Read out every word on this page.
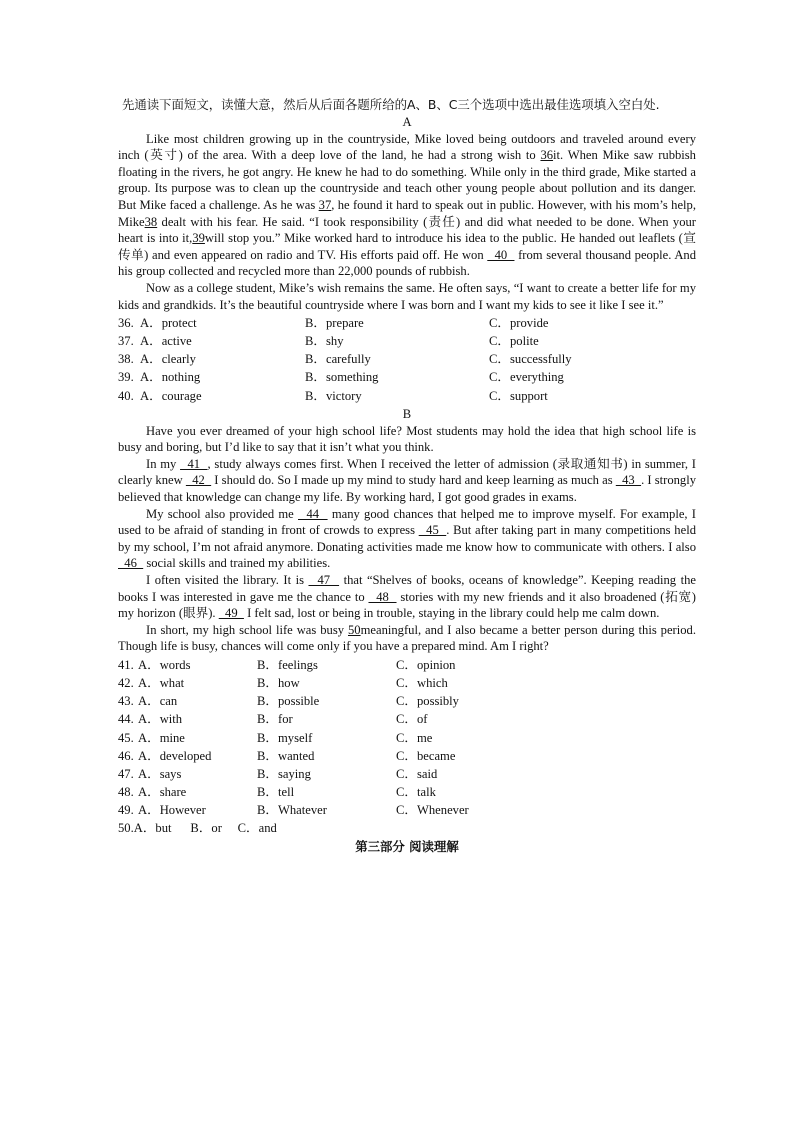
先通读下面短文，读懂大意，然后从后面各题所给的A、B、C三个选项中选出最佳选项填入空白处.
A

Like most children growing up in the countryside, Mike loved being outdoors and traveled around every inch (英寸) of the area. With a deep love of the land, he had a strong wish to 36it. When Mike saw rubbish floating in the rivers, he got angry. He knew he had to do something. While only in the third grade, Mike started a group. Its purpose was to clean up the countryside and teach other young people about pollution and its danger. But Mike faced a challenge. As he was 37, he found it hard to speak out in public. However, with his mom’s help, Mike38 dealt with his fear. He said. “I took responsibility (责任) and did what needed to be done. When your heart is into it,39will stop you.” Mike worked hard to introduce his idea to the public. He handed out leaflets (宣传单) and even appeared on radio and TV. His efforts paid off. He won   40   from several thousand people. And his group collected and recycled more than 22,000 pounds of rubbish.

Now as a college student, Mike’s wish remains the same. He often says, “I want to create a better life for my kids and grandkids. It’s the beautiful countryside where I was born and I want my kids to see it like I see it.”

36. A．protect	B．prepare	C．provide
37. A．active	B．shy	C．polite
38. A．clearly	B．carefully	C．successfully
39. A．nothing	B．something	C．everything
40. A．courage	B．victory	C．support
B

Have you ever dreamed of your high school life? Most students may hold the idea that high school life is busy and boring, but I’d like to say that it isn’t what you think.

In my   41  , study always comes first. When I received the letter of admission (录取通知书) in summer, I clearly knew   42   I should do. So I made up my mind to study hard and keep learning as much as   43  . I strongly believed that knowledge can change my life. By working hard, I got good grades in exams.

My school also provided me   44   many good chances that helped me to improve myself. For example, I used to be afraid of standing in front of crowds to express   45  . But after taking part in many competitions held by my school, I’m not afraid anymore. Donating activities made me know how to communicate with others. I also   46   social skills and trained my abilities.

I often visited the library. It is   47   that “Shelves of books, oceans of knowledge”. Keeping reading the books I was interested in gave me the chance to   48   stories with my new friends and it also broadened (拓宽) my horizon (眼界).   49   I felt sad, lost or being in trouble, staying in the library could help me calm down.

In short, my high school life was busy 50meaningful, and I also became a better person during this period. Though life is busy, chances will come only if you have a prepared mind. Am I right?

41. A．words	B．feelings	C．opinion
42. A．what	B．how	C．which
43. A．can	B．possible	C．possibly
44. A．with	B．for	C．of
45. A．mine	B．myself	C．me
46. A．developed	B．wanted	C．became
47. A．says	B．saying	C．said
48. A．share	B．tell	C．talk
49. A．However	B．Whatever	C．Whenever
50.A．but      B．or     C．and
第三部分 阅读理解
